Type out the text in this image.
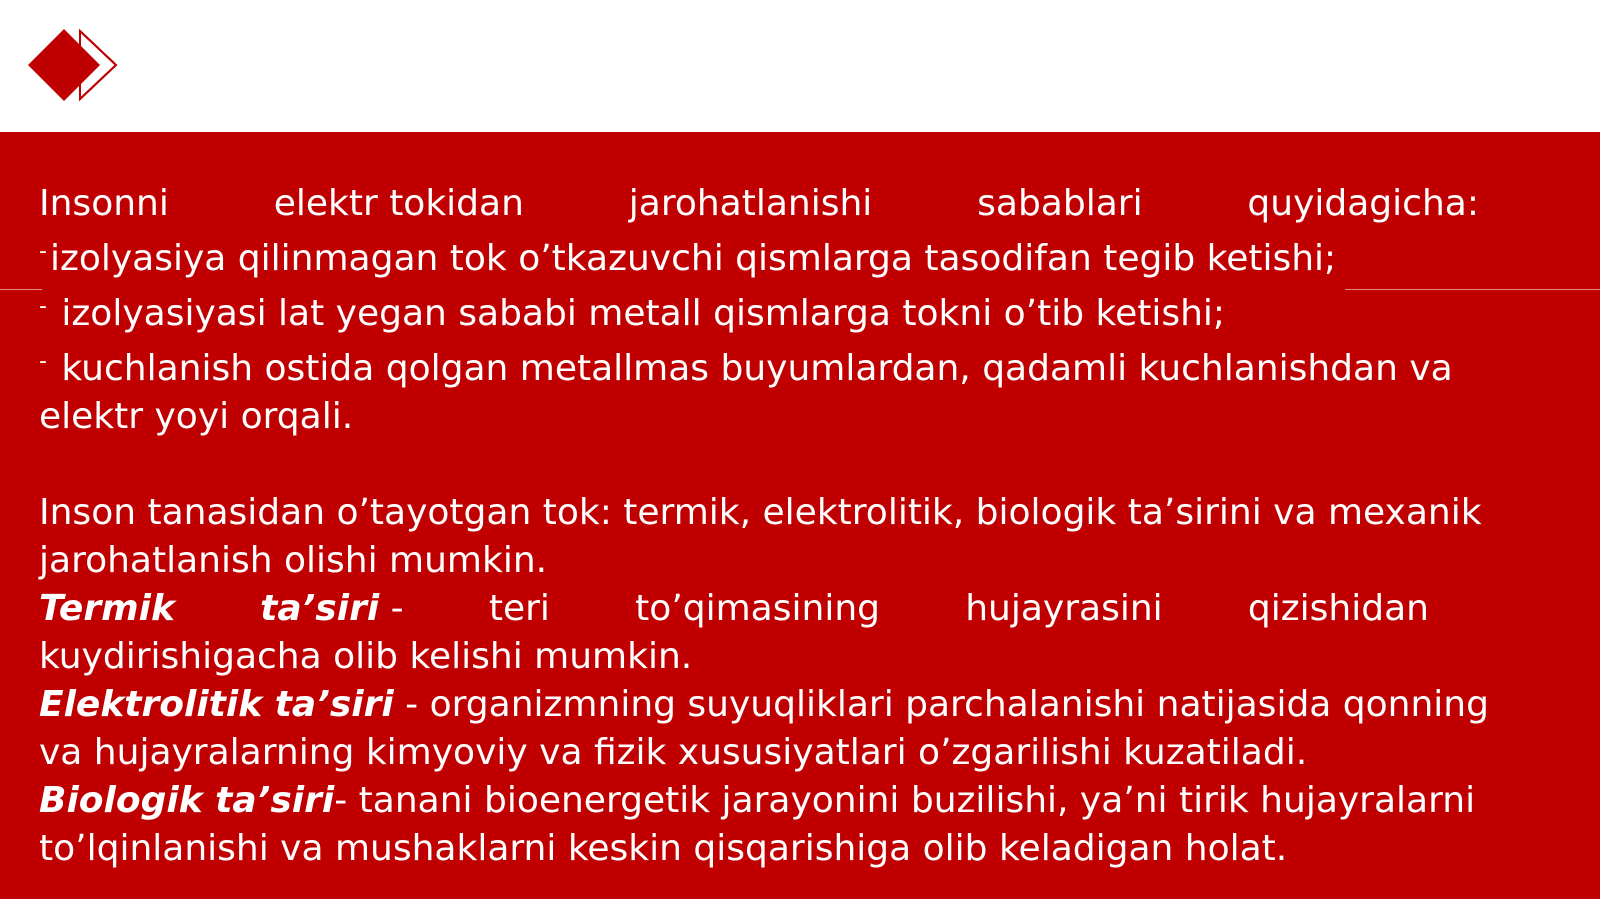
Insonni	elektr tokidan	jarohatlanishi	sabablari	quyidagicha:
-izolyasiya qilinmagan tok o’tkazuvchi qismlarga tasodifan tegib ketishi;
- izolyasiyasi lat yegan sababi metall qismlarga tokni o’tib ketishi;
- kuchlanish ostida qolgan metallmas buyumlardan, qadamli kuchlanishdan va
elektr yoyi orqali.
Inson tanasidan o’tayotgan tok: termik, elektrolitik, biologik ta’sirini va mexanik
jarohatlanish olishi mumkin.
Termik ta’siri - teri to’qimasining hujayrasini qizishidan
kuydirishigacha olib kelishi mumkin.
Elektrolitik ta’siri - organizmning suyuqliklari parchalanishi natijasida qonning
va hujayralarning kimyoviy va fizik xususiyatlari o’zgarilishi kuzatiladi.
Biologik ta’siri- tanani bioenergetik jarayonini buzilishi, ya’ni tirik hujayralarni
to’lqinlanishi va mushaklarni keskin qisqarishiga olib keladigan holat.
